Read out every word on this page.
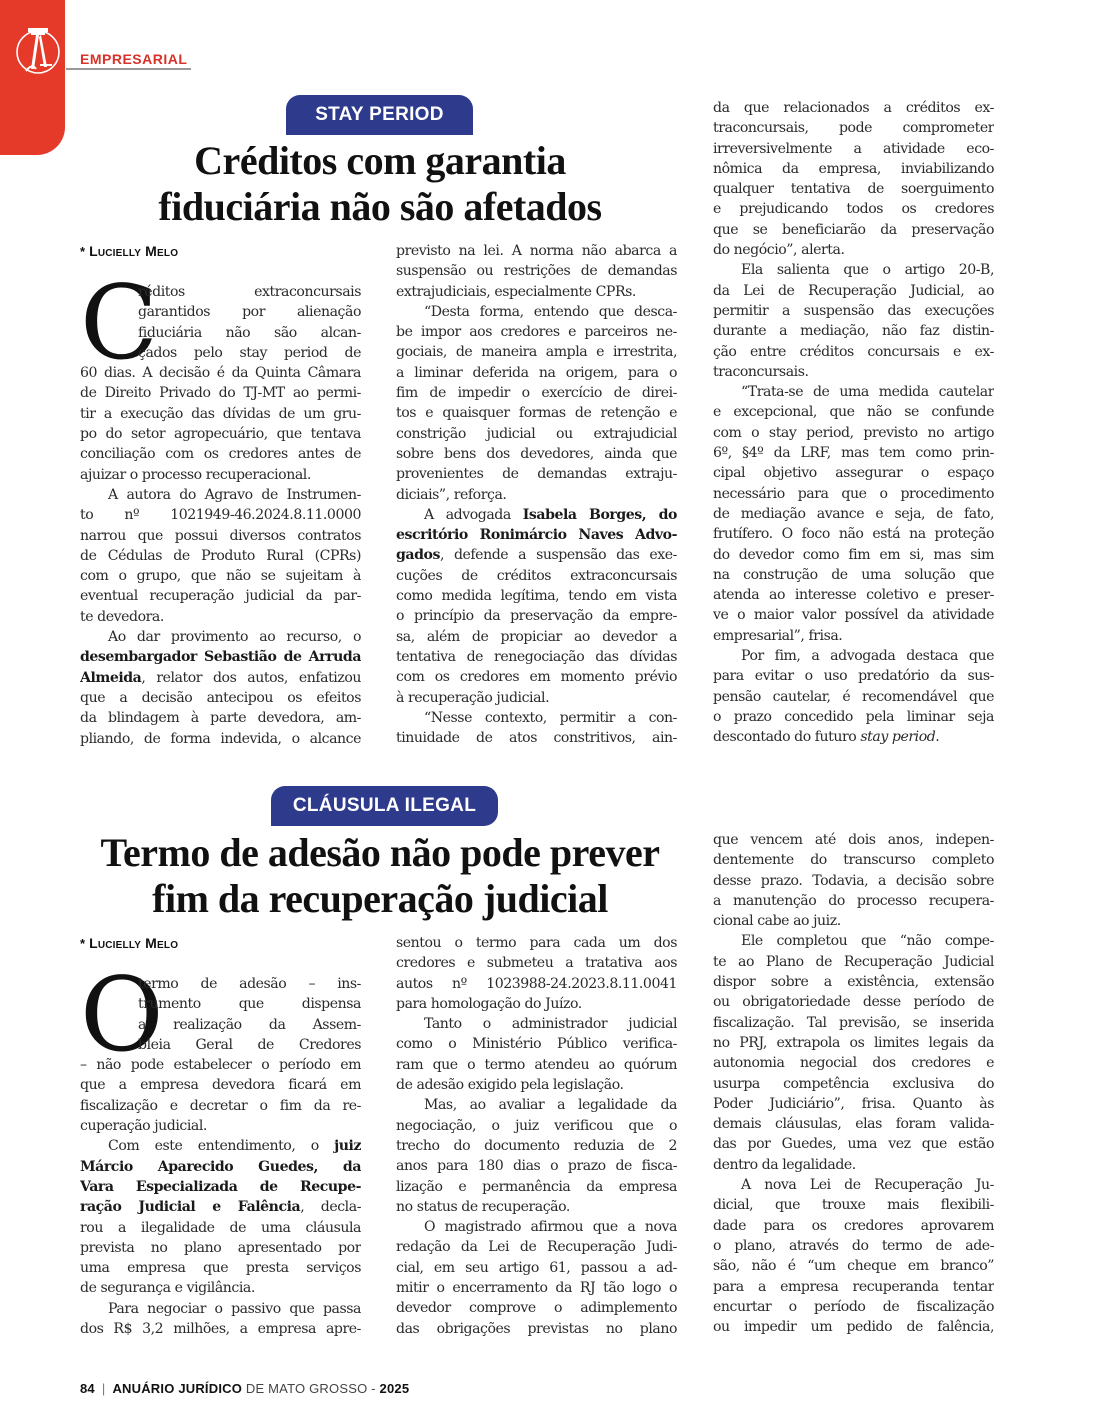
EMPRESARIAL
STAY PERIOD
Créditos com garantia
fiduciária não são afetados
* Lucielly Melo
C
réditos extraconcursais
garantidos por alienação
fiduciária não são alcan-
çados pelo stay period de
60 dias. A decisão é da Quinta Câmara
de Direito Privado do TJ-MT ao permi-
tir a execução das dívidas de um gru-
po do setor agropecuário, que tentava
conciliação com os credores antes de
ajuizar o processo recuperacional.
A autora do Agravo de Instrumen-
to nº 1021949-46.2024.8.11.0000
narrou que possui diversos contratos
de Cédulas de Produto Rural (CPRs)
com o grupo, que não se sujeitam à
eventual recuperação judicial da par-
te devedora.
Ao dar provimento ao recurso, o
desembargador Sebastião de Arruda
Almeida, relator dos autos, enfatizou
que a decisão antecipou os efeitos
da blindagem à parte devedora, am-
pliando, de forma indevida, o alcance
previsto na lei. A norma não abarca a
suspensão ou restrições de demandas
extrajudiciais, especialmente CPRs.
“Desta forma, entendo que desca-
be impor aos credores e parceiros ne-
gociais, de maneira ampla e irrestrita,
a liminar deferida na origem, para o
fim de impedir o exercício de direi-
tos e quaisquer formas de retenção e
constrição judicial ou extrajudicial
sobre bens dos devedores, ainda que
provenientes de demandas extraju-
diciais”, reforça.
A advogada Isabela Borges, do
escritório Ronimárcio Naves Advo-
gados, defende a suspensão das exe-
cuções de créditos extraconcursais
como medida legítima, tendo em vista
o princípio da preservação da empre-
sa, além de propiciar ao devedor a
tentativa de renegociação das dívidas
com os credores em momento prévio
à recuperação judicial.
“Nesse contexto, permitir a con-
tinuidade de atos constritivos, ain-
da que relacionados a créditos ex-
traconcursais, pode comprometer
irreversivelmente a atividade eco-
nômica da empresa, inviabilizando
qualquer tentativa de soerguimento
e prejudicando todos os credores
que se beneficiarão da preservação
do negócio”, alerta.
Ela salienta que o artigo 20-B,
da Lei de Recuperação Judicial, ao
permitir a suspensão das execuções
durante a mediação, não faz distin-
ção entre créditos concursais e ex-
traconcursais.
“Trata-se de uma medida cautelar
e excepcional, que não se confunde
com o stay period, previsto no artigo
6º, §4º da LRF, mas tem como prin-
cipal objetivo assegurar o espaço
necessário para que o procedimento
de mediação avance e seja, de fato,
frutífero. O foco não está na proteção
do devedor como fim em si, mas sim
na construção de uma solução que
atenda ao interesse coletivo e preser-
ve o maior valor possível da atividade
empresarial”, frisa.
Por fim, a advogada destaca que
para evitar o uso predatório da sus-
pensão cautelar, é recomendável que
o prazo concedido pela liminar seja
descontado do futuro stay period.
CLÁUSULA ILEGAL
Termo de adesão não pode prever
fim da recuperação judicial
* Lucielly Melo
O
termo de adesão – ins-
trumento que dispensa
a realização da Assem-
bleia Geral de Credores
– não pode estabelecer o período em
que a empresa devedora ficará em
fiscalização e decretar o fim da re-
cuperação judicial.
Com este entendimento, o juiz
Márcio Aparecido Guedes, da
Vara Especializada de Recupe-
ração Judicial e Falência, decla-
rou a ilegalidade de uma cláusula
prevista no plano apresentado por
uma empresa que presta serviços
de segurança e vigilância.
Para negociar o passivo que passa
dos R$ 3,2 milhões, a empresa apre-
sentou o termo para cada um dos
credores e submeteu a tratativa aos
autos nº 1023988-24.2023.8.11.0041
para homologação do Juízo.
Tanto o administrador judicial
como o Ministério Público verifica-
ram que o termo atendeu ao quórum
de adesão exigido pela legislação.
Mas, ao avaliar a legalidade da
negociação, o juiz verificou que o
trecho do documento reduzia de 2
anos para 180 dias o prazo de fisca-
lização e permanência da empresa
no status de recuperação.
O magistrado afirmou que a nova
redação da Lei de Recuperação Judi-
cial, em seu artigo 61, passou a ad-
mitir o encerramento da RJ tão logo o
devedor comprove o adimplemento
das obrigações previstas no plano
que vencem até dois anos, indepen-
dentemente do transcurso completo
desse prazo. Todavia, a decisão sobre
a manutenção do processo recupera-
cional cabe ao juiz.
Ele completou que “não compe-
te ao Plano de Recuperação Judicial
dispor sobre a existência, extensão
ou obrigatoriedade desse período de
fiscalização. Tal previsão, se inserida
no PRJ, extrapola os limites legais da
autonomia negocial dos credores e
usurpa competência exclusiva do
Poder Judiciário”, frisa. Quanto às
demais cláusulas, elas foram valida-
das por Guedes, uma vez que estão
dentro da legalidade.
A nova Lei de Recuperação Ju-
dicial, que trouxe mais flexibili-
dade para os credores aprovarem
o plano, através do termo de ade-
são, não é “um cheque em branco”
para a empresa recuperanda tentar
encurtar o período de fiscalização
ou impedir um pedido de falência,
84 | ANUÁRIO JURÍDICO DE MATO GROSSO - 2025
